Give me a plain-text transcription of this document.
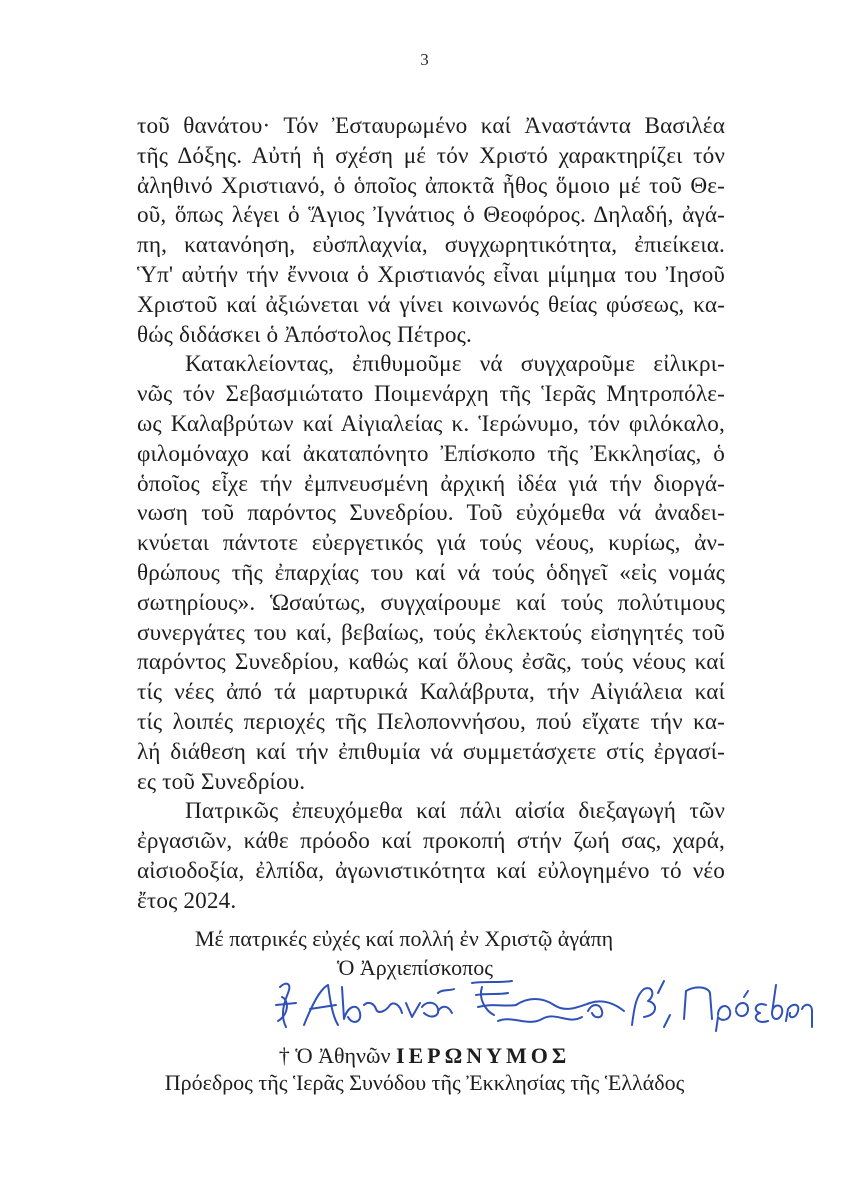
3
τοῦ θανάτου· Τόν Ἐσταυρωμένο καί Ἀναστάντα Βασιλέα
τῆς Δόξης. Αὐτή ἡ σχέση μέ τόν Χριστό χαρακτηρίζει τόν
ἀληθινό Χριστιανό, ὁ ὁποῖος ἀποκτᾶ ἦθος ὅμοιο μέ τοῦ Θε-
οῦ, ὅπως λέγει ὁ Ἅγιος Ἰγνάτιος ὁ Θεοφόρος. Δηλαδή, ἀγά-
πη, κατανόηση, εὐσπλαχνία, συγχωρητικότητα, ἐπιείκεια.
Ὑπ' αὐτήν τήν ἔννοια ὁ Χριστιανός εἶναι μίμημα του Ἰησοῦ
Χριστοῦ καί ἀξιώνεται νά γίνει κοινωνός θείας φύσεως, κα-
θώς διδάσκει ὁ Ἀπόστολος Πέτρος.
Κατακλείοντας, ἐπιθυμοῦμε νά συγχαροῦμε εἰλικρι-
νῶς τόν Σεβασμιώτατο Ποιμενάρχη τῆς Ἱερᾶς Μητροπόλε-
ως Καλαβρύτων καί Αἰγιαλείας κ. Ἱερώνυμο, τόν φιλόκαλο,
φιλομόναχο καί ἀκαταπόνητο Ἐπίσκοπο τῆς Ἐκκλησίας, ὁ
ὁποῖος εἶχε τήν ἐμπνευσμένη ἀρχική ἰδέα γιά τήν διοργά-
νωση τοῦ παρόντος Συνεδρίου. Τοῦ εὐχόμεθα νά ἀναδει-
κνύεται πάντοτε εὐεργετικός γιά τούς νέους, κυρίως, ἀν-
θρώπους τῆς ἐπαρχίας του καί νά τούς ὁδηγεῖ «εἰς νομάς
σωτηρίους». Ὡσαύτως, συγχαίρουμε καί τούς πολύτιμους
συνεργάτες του καί, βεβαίως, τούς ἐκλεκτούς εἰσηγητές τοῦ
παρόντος Συνεδρίου, καθώς καί ὅλους ἐσᾶς, τούς νέους καί
τίς νέες ἀπό τά μαρτυρικά Καλάβρυτα, τήν Αἰγιάλεια καί
τίς λοιπές περιοχές τῆς Πελοποννήσου, πού εἴχατε τήν κα-
λή διάθεση καί τήν ἐπιθυμία νά συμμετάσχετε στίς ἐργασί-
ες τοῦ Συνεδρίου.
Πατρικῶς ἐπευχόμεθα καί πάλι αἰσία διεξαγωγή τῶν
ἐργασιῶν, κάθε πρόοδο καί προκοπή στήν ζωή σας, χαρά,
αἰσιοδοξία, ἐλπίδα, ἀγωνιστικότητα καί εὐλογημένο τό νέο
ἔτος 2024.
Μέ πατρικές εὐχές καί πολλή ἐν Χριστῷ ἀγάπη
Ὁ Ἀρχιεπίσκοπος
† Ὁ Ἀθηνῶν ΙΕΡΩΝΥΜΟΣ
Πρόεδρος τῆς Ἱερᾶς Συνόδου τῆς Ἐκκλησίας τῆς Ἑλλάδος
